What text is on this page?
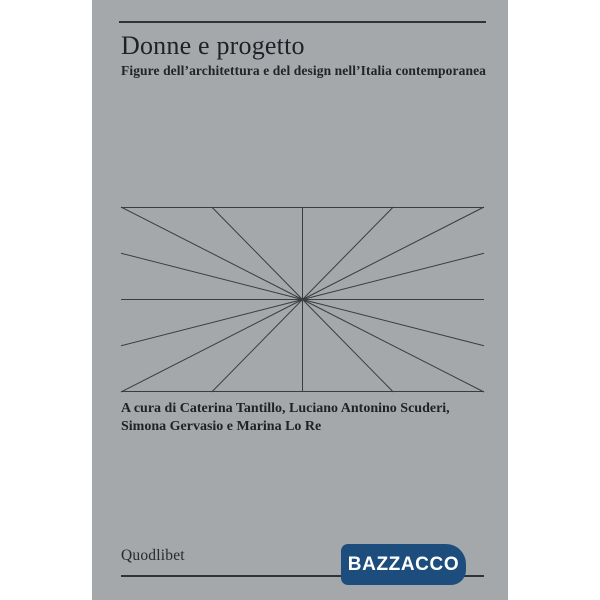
Donne e progetto
Figure dell’architettura e del design nell’Italia contemporanea

A cura di Caterina Tantillo, Luciano Antonino Scuderi,
Simona Gervasio e Marina Lo Re

Quodlibet	BAZZACCO
